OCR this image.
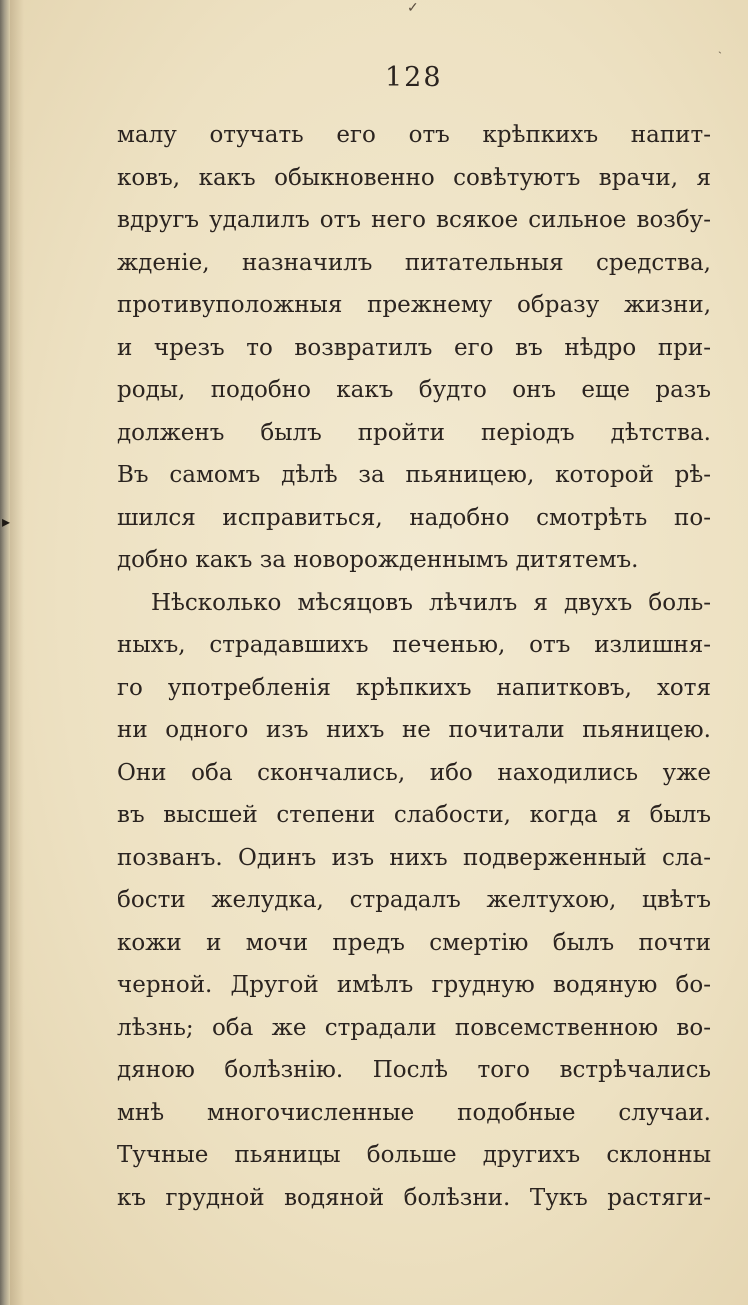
✓
ˎ
▸
128
малу отучать его отъ крѣпкихъ напит-
ковъ, какъ обыкновенно совѣтуютъ врачи, я
вдругъ удалилъ отъ него всякое сильное возбу-
жденіе, назначилъ питательныя средства,
противуположныя прежнему образу жизни,
и чрезъ то возвратилъ его въ нѣдро при-
роды, подобно какъ будто онъ еще разъ
долженъ былъ пройти періодъ дѣтства.
Въ самомъ дѣлѣ за пьяницею, которой рѣ-
шился исправиться, надобно смотрѣть по-
добно какъ за новорожденнымъ дитятемъ.
Нѣсколько мѣсяцовъ лѣчилъ я двухъ боль-
ныхъ, страдавшихъ печенью, отъ излишня-
го употребленія крѣпкихъ напитковъ, хотя
ни одного изъ нихъ не почитали пьяницею.
Они оба скончались, ибо находились уже
въ высшей степени слабости, когда я былъ
позванъ. Одинъ изъ нихъ подверженный сла-
бости желудка, страдалъ желтухою, цвѣтъ
кожи и мочи предъ смертію былъ почти
черной. Другой имѣлъ грудную водяную бо-
лѣзнь; оба же страдали повсемственною во-
дяною болѣзнію. Послѣ того встрѣчались
мнѣ многочисленные подобные случаи.
Тучные пьяницы больше другихъ склонны
къ грудной водяной болѣзни. Тукъ растяги-
